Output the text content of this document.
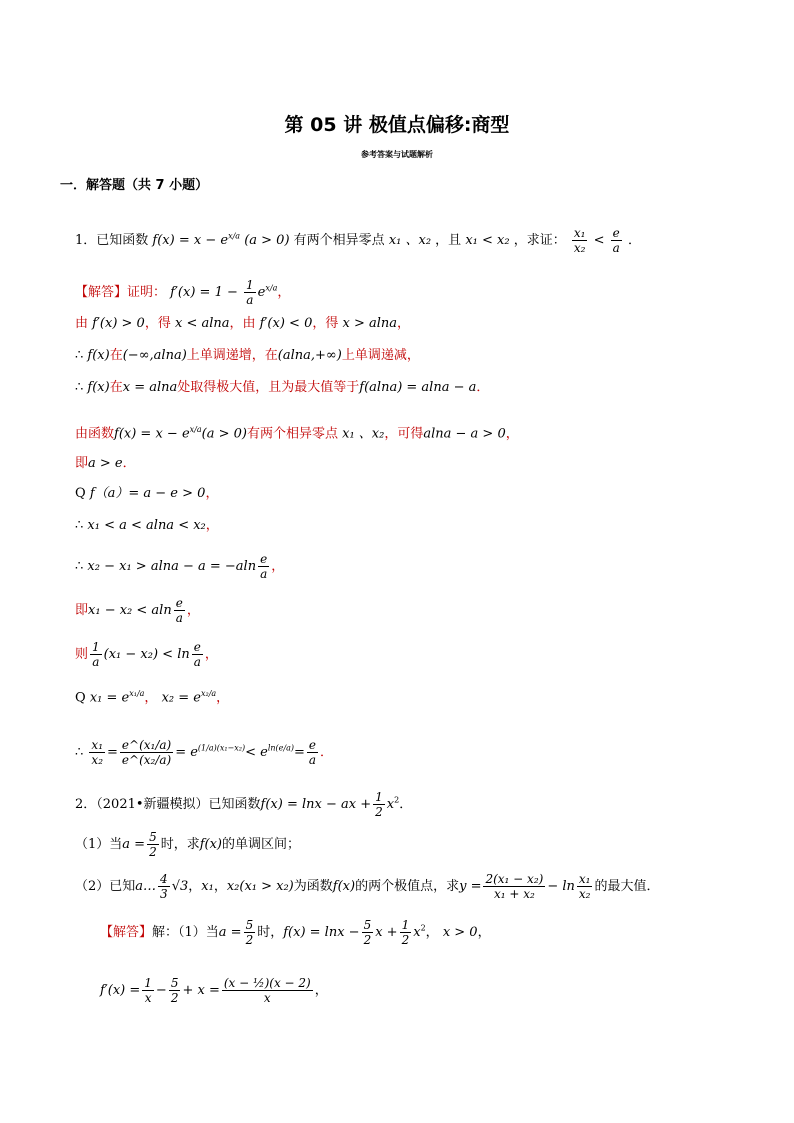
第 05 讲 极值点偏移:商型
参考答案与试题解析
一．解答题（共 7 小题）
1．已知函数 $f(x) = x - e^{x/a}$ (a > 0) 有两个相异零点 x₁ 、x₂ ，且 x₁ < x₂ ，求证： $\frac{\text{x₁}}{\text{x₂}} < \frac{e}{a}$ ．
【解答】证明： $f'(x) = 1 - \frac{1}{a} e^{x/a}$，
由 f′(x) > 0，得 x < alna，由 f′(x) < 0，得 x > alna，
∴ f(x)在(−∞,alna)上单调递增，在(alna,+∞)上单调递减，
∴ f(x)在x = alna处取得极大值，且为最大值等于f(alna) = alna − a．
由函数$f(x) = x - e^{x/a}(a > 0)$有两个相异零点 x₁ 、x₂，可得alna − a > 0，
即a > e．
Q f（a）= a − e > 0，
∴ x₁ < a < alna < x₂，
∴ $x_2 - x_1 > alna - a = -aln \frac{e}{a}$ ，
即x₁ − x₂ < aln $\frac{e}{a}$ ，
则 $\frac{1}{a} (x_1 - x_2) < \ln \frac{e}{a}$ ，
Q $x_1 = e^{x_1/a}$， $x_2 = e^{x_2/a}$，
∴ $\frac{\text{x₁}}{\text{x₂}} = \frac{\text{e\textasciicircum{}(x₁/a)}}{\text{e\textasciicircum{}(x₂/a)}} = e^{(1/a)(x_1-x_2)}< e^{ln(e/a)}= \frac{e}{a}$ ．
2．（2021•新疆模拟）已知函数f(x) = lnx − ax + $\frac{1}{2} x^2$．
（1）当$a = \frac{5}{2}$ 时，求f(x)的单调区间；
（2）已知a… $\frac{4}{3} √3$，x₁，x₂(x₁ > x₂)为函数f(x)的两个极值点，求$y = \frac{\text{2(x₁ − x₂)}}{\text{x₁ + x₂}} - \ln \frac{\text{x₁}}{\text{x₂}}$ 的最大值．
【解答】解：（1）当$a = \frac{5}{2}$ 时，$f(x) = \ln x - \frac{5}{2}$ $x + \frac{1}{2} x^2$， x > 0，
$f'(x) = \frac{1}{x} - \frac{5}{2} + x = \frac{\text{(x − ½)(x − 2)}}{x}$ ，
